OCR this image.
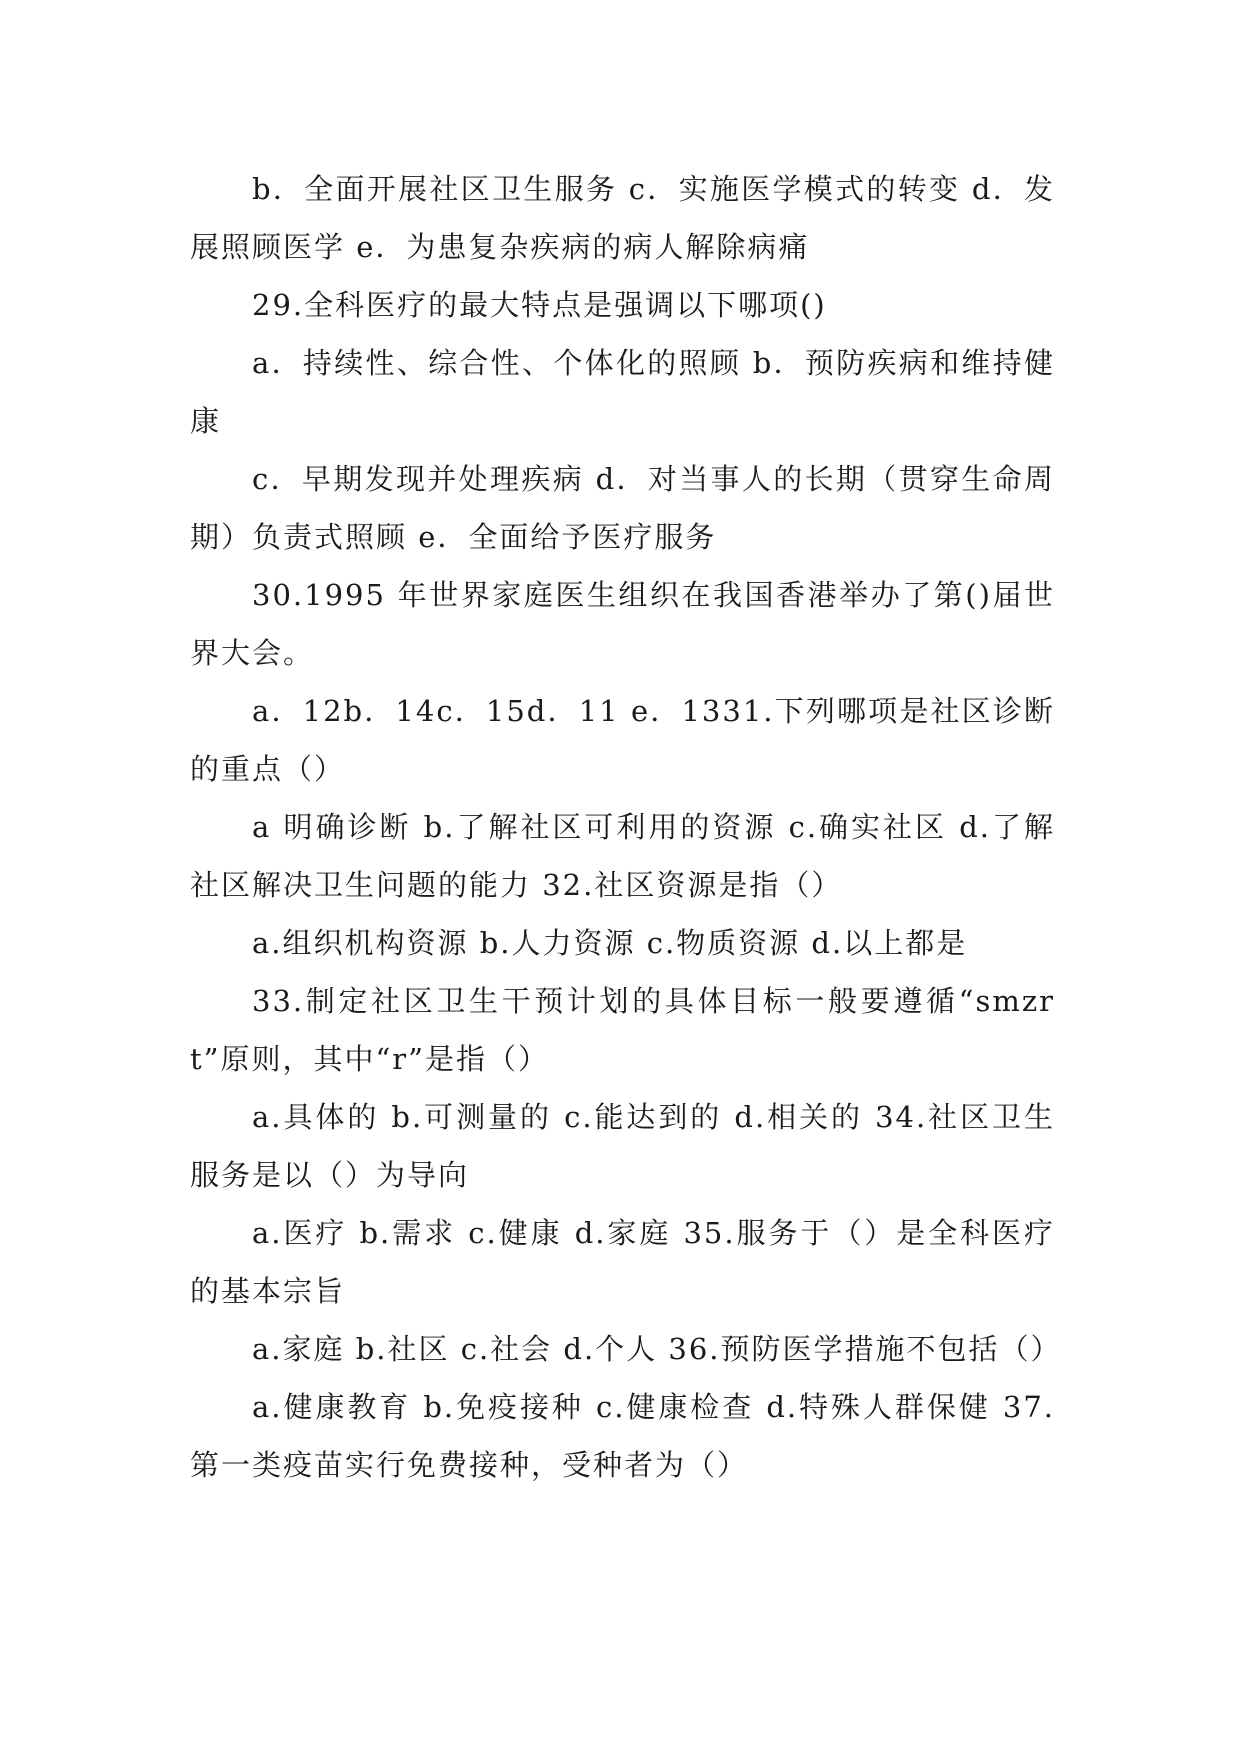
b．全面开展社区卫生服务 c．实施医学模式的转变 d．发展照顾医学 e．为患复杂疾病的病人解除病痛

29.全科医疗的最大特点是强调以下哪项()

a．持续性、综合性、个体化的照顾 b．预防疾病和维持健康

c．早期发现并处理疾病 d．对当事人的长期（贯穿生命周期）负责式照顾 e．全面给予医疗服务

30.1995 年世界家庭医生组织在我国香港举办了第()届世界大会。

a．12b．14c．15d．11 e．1331.下列哪项是社区诊断的重点（）

a 明确诊断 b.了解社区可利用的资源 c.确实社区 d.了解社区解决卫生问题的能力 32.社区资源是指（）

a.组织机构资源 b.人力资源 c.物质资源 d.以上都是

33.制定社区卫生干预计划的具体目标一般要遵循“smzrt”原则，其中“r”是指（）

a.具体的 b.可测量的 c.能达到的 d.相关的 34.社区卫生服务是以（）为导向

a.医疗 b.需求 c.健康 d.家庭 35.服务于（）是全科医疗的基本宗旨

a.家庭 b.社区 c.社会 d.个人 36.预防医学措施不包括（）

a.健康教育 b.免疫接种 c.健康检查 d.特殊人群保健 37.第一类疫苗实行免费接种，受种者为（）
